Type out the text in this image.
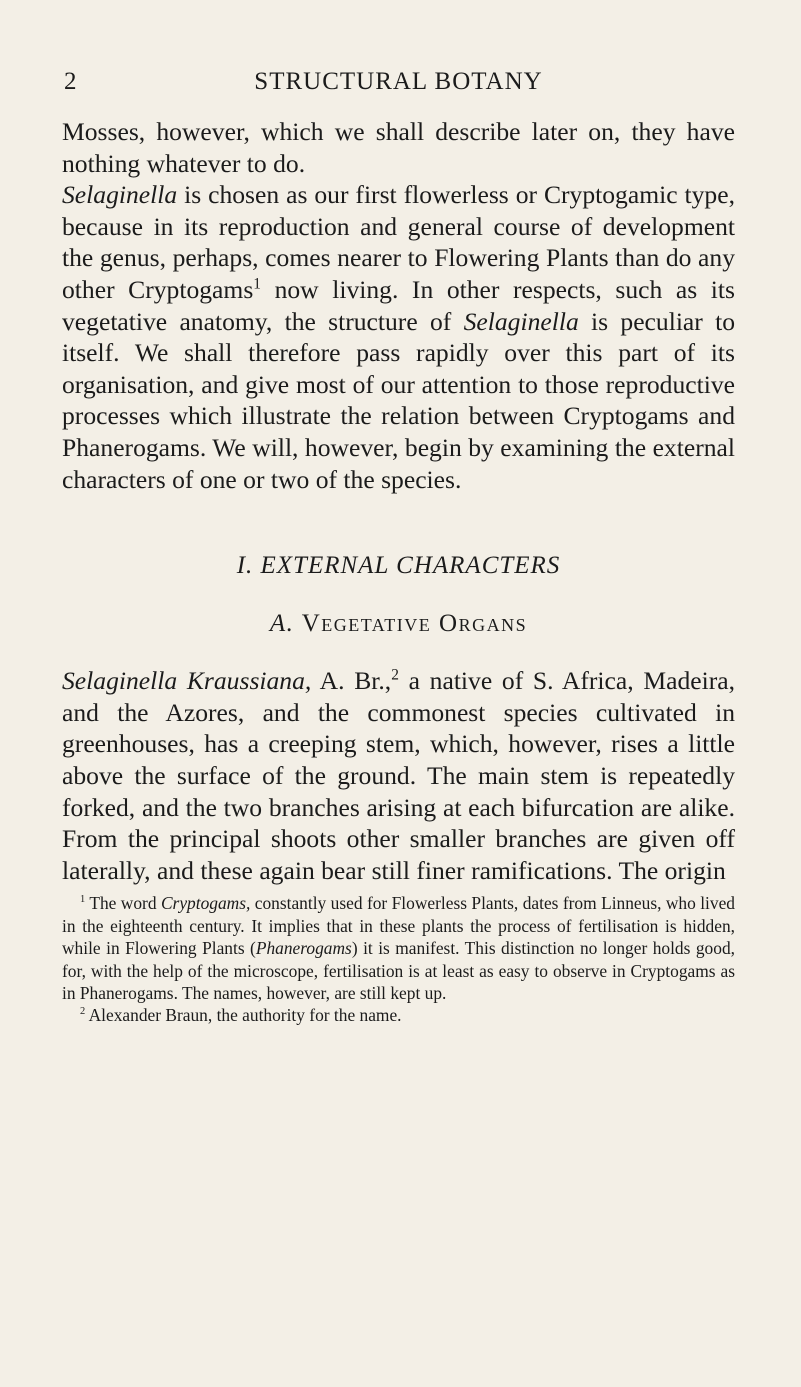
2	STRUCTURAL BOTANY

Mosses, however, which we shall describe later on, they have nothing whatever to do.

Selaginella is chosen as our first flowerless or Cryptogamic type, because in its reproduction and general course of development the genus, perhaps, comes nearer to Flowering Plants than do any other Cryptogams$^1$ now living. In other respects, such as its vegetative anatomy, the structure of Selaginella is peculiar to itself. We shall therefore pass rapidly over this part of its organisation, and give most of our attention to those reproductive processes which illustrate the relation between Cryptogams and Phanerogams. We will, however, begin by examining the external characters of one or two of the species.

I. EXTERNAL CHARACTERS
A. Vegetative Organs

Selaginella Kraussiana, A. Br.,$^2$ a native of S. Africa, Madeira, and the Azores, and the commonest species cultivated in greenhouses, has a creeping stem, which, however, rises a little above the surface of the ground. The main stem is repeatedly forked, and the two branches arising at each bifurcation are alike. From the principal shoots other smaller branches are given off laterally, and these again bear still finer ramifications. The origin

$^1$ The word Cryptogams, constantly used for Flowerless Plants, dates from Linneus, who lived in the eighteenth century. It implies that in these plants the process of fertilisation is hidden, while in Flowering Plants (Phanerogams) it is manifest. This distinction no longer holds good, for, with the help of the microscope, fertilisation is at least as easy to observe in Cryptogams as in Phanerogams. The names, however, are still kept up.

$^2$ Alexander Braun, the authority for the name.
